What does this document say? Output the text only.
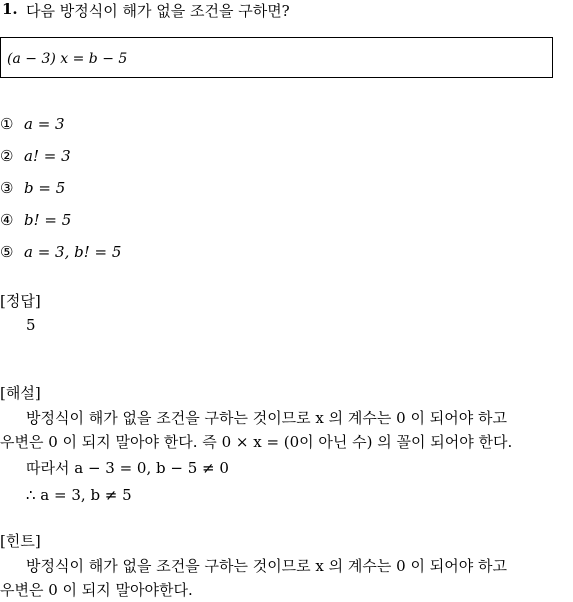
1. 다음 방정식이 해가 없을 조건을 구하면?
(a − 3) x = b − 5
① a = 3
② a! = 3
③ b = 5
④ b! = 5
⑤ a = 3, b! = 5
[정답]
5
[해설]
방정식이 해가 없을 조건을 구하는 것이므로 x 의 계수는 0 이 되어야 하고
우변은 0 이 되지 말아야 한다. 즉 0 × x = (0이 아닌 수) 의 꼴이 되어야 한다.
따라서 a − 3 = 0, b − 5 ≠ 0
∴ a = 3, b ≠ 5
[힌트]
방정식이 해가 없을 조건을 구하는 것이므로 x 의 계수는 0 이 되어야 하고
우변은 0 이 되지 말아야한다.
